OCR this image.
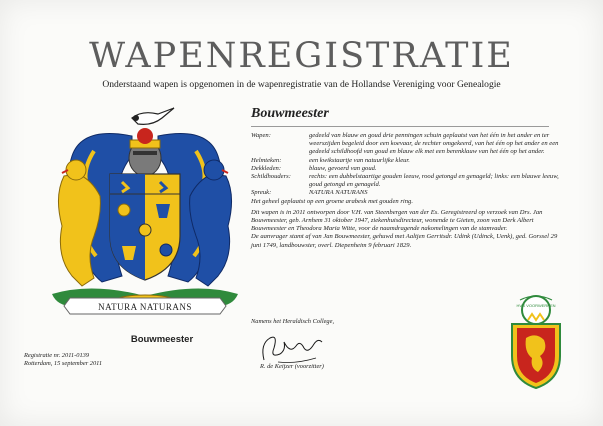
WAPENREGISTRATIE
Onderstaand wapen is opgenomen in de wapenregistratie van de Hollandse Vereniging voor Genealogie
NATURA NATURANS
Bouwmeester
Wapen:	gedeeld van blauw en goud drie penningen schuin geplaatst van het één in het ander en ter weerszijden begeleid door een koevaar, de rechter omgekeerd, van het één op het ander en een gedeeld schildhoofd van goud en blauw elk met een berenklauw van het één op het ander.
Helmteken:	een kwikstaartje van natuurlijke kleur.
Dekkleden:	blauw, gevoerd van goud.
Schildhouders:	rechts: een dubbelstaartige gouden leeuw, rood getongd en genageld; links: een blauwe leeuw, goud getongd en genageld.
Spreuk:	NATURA NATURANS
Het geheel geplaatst op een groene arabesk met gouden ring.
Dit wapen is in 2011 ontworpen door V.H. van Steenbergen van der Es. Geregistreerd op verzoek van Drs. Jan Bouwmeester, geb. Arnhem 31 oktober 1947, ziekenhuisdirecteur, wonende te Gieten, zoon van Derk Albert Bouwmeester en Theodora Maria Witte, voor de naamdragende nakomelingen van de stamvader.
De aanvrager stamt af van Jan Bouwmeester, gehuwd met Aaltjen Gerritsdr. Udink (Udinck, Uenk), ged. Gorssel 29 juni 1749, landbouwster, overl. Diepenheim 9 februari 1829.
Bouwmeester
Registratie nr. 2011-0139
Rotterdam, 15 september 2011
Namens het Heraldisch College,
R. de Keijzer (voorzitter)
HVG VOORWERKEN
